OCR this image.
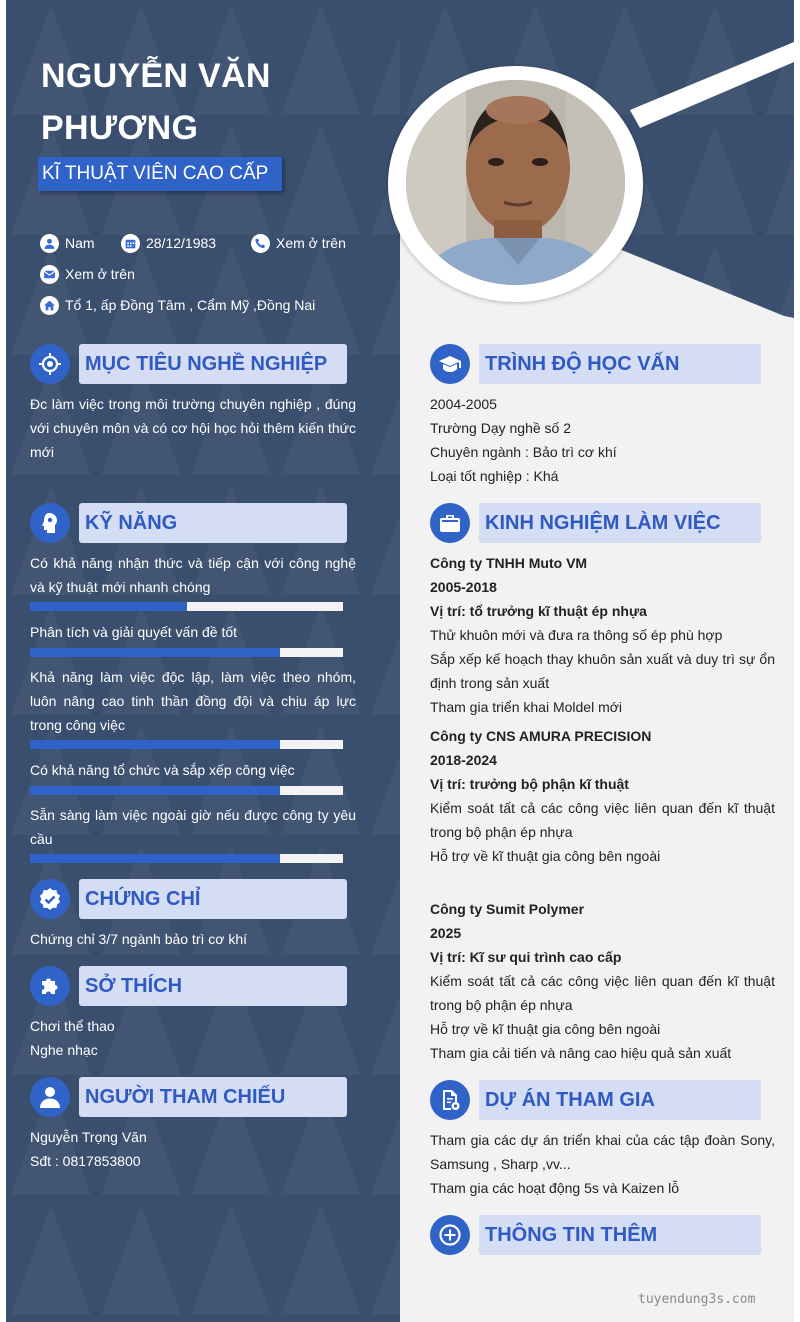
NGUYỄN VĂN PHƯƠNG
KĨ THUẬT VIÊN CAO CẤP
Nam	28/12/1983	Xem ở trên
Xem ở trên
Tổ 1, ấp Đồng Tâm , Cẩm Mỹ ,Đồng Nai
MỤC TIÊU NGHỀ NGHIỆP
Đc làm việc trong môi trường chuyên nghiệp , đúng với chuyên môn và có cơ hội học hỏi thêm kiến thức mới
KỸ NĂNG
Có khả năng nhận thức và tiếp cận với công nghệ và kỹ thuật mới nhanh chóng
Phân tích và giải quyết vấn đề tốt
Khả năng làm việc độc lập, làm việc theo nhóm, luôn nâng cao tinh thần đồng đội và chịu áp lực trong công việc
Có khả năng tổ chức và sắp xếp công việc
Sẵn sàng làm việc ngoài giờ nếu được công ty yêu cầu
CHỨNG CHỈ
Chứng chỉ 3/7 ngành bảo trì cơ khí
SỞ THÍCH
Chơi thể thao
Nghe nhạc
NGƯỜI THAM CHIẾU
Nguyễn Trọng Văn
Sđt : 0817853800
TRÌNH ĐỘ HỌC VẤN
2004-2005
Trường Dạy nghề số 2
Chuyên ngành : Bảo trì cơ khí
Loại tốt nghiệp : Khá
KINH NGHIỆM LÀM VIỆC
Công ty TNHH Muto VM
2005-2018
Vị trí: tổ trưởng kĩ thuật ép nhựa
Thử khuôn mới và đưa ra thông số ép phù hợp
Sắp xếp kế hoạch thay khuôn sản xuất và duy trì sự ổn định trong sản xuất
Tham gia triển khai Moldel mới
Công ty CNS AMURA PRECISION
2018-2024
Vị trí: trưởng bộ phận kĩ thuật
Kiểm soát tất cả các công việc liên quan đến kĩ thuật trong bộ phận ép nhựa
Hỗ trợ về kĩ thuật gia công bên ngoài
Công ty Sumit Polymer
2025
Vị trí: Kĩ sư qui trình cao cấp
Kiểm soát tất cả các công việc liên quan đến kĩ thuật trong bộ phận ép nhựa
Hỗ trợ về kĩ thuật gia công bên ngoài
Tham gia cải tiến và nâng cao hiệu quả sản xuất
DỰ ÁN THAM GIA
Tham gia các dự án triển khai của các tập đoàn Sony, Samsung , Sharp ,vv...
Tham gia các hoạt động 5s và Kaizen lỗ
THÔNG TIN THÊM
tuyendung3s.com
